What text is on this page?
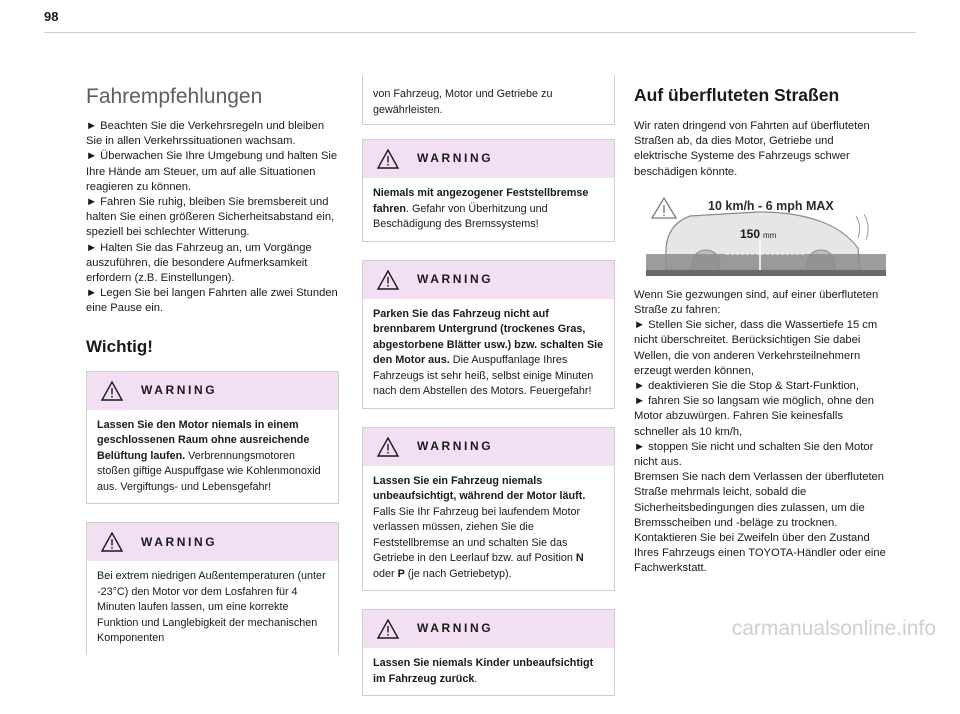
98
Fahrempfehlungen

► Beachten Sie die Verkehrsregeln und bleiben Sie in allen Verkehrssituationen wachsam.

► Überwachen Sie Ihre Umgebung und halten Sie Ihre Hände am Steuer, um auf alle Situationen reagieren zu können.

► Fahren Sie ruhig, bleiben Sie bremsbereit und halten Sie einen größeren Sicherheitsabstand ein, speziell bei schlechter Witterung.

► Halten Sie das Fahrzeug an, um Vorgänge auszuführen, die besondere Aufmerksamkeit erfordern (z.B. Einstellungen).

► Legen Sie bei langen Fahrten alle zwei Stunden eine Pause ein.

Wichtig!
WARNING
Lassen Sie den Motor niemals in einem geschlossenen Raum ohne ausreichende Belüftung laufen. Verbrennungsmotoren stoßen giftige Auspuffgase wie Kohlenmonoxid aus. Vergiftungs- und Lebensgefahr!
WARNING
Bei extrem niedrigen Außentemperaturen (unter -23°C) den Motor vor dem Losfahren für 4 Minuten laufen lassen, um eine korrekte Funktion und Langlebigkeit der mechanischen Komponenten
von Fahrzeug, Motor und Getriebe zu gewährleisten.
WARNING
Niemals mit angezogener Feststellbremse fahren. Gefahr von Überhitzung und Beschädigung des Bremssystems!
WARNING
Parken Sie das Fahrzeug nicht auf brennbarem Untergrund (trockenes Gras, abgestorbene Blätter usw.) bzw. schalten Sie den Motor aus. Die Auspuffanlage Ihres Fahrzeugs ist sehr heiß, selbst einige Minuten nach dem Abstellen des Motors. Feuergefahr!
WARNING
Lassen Sie ein Fahrzeug niemals unbeaufsichtigt, während der Motor läuft. Falls Sie Ihr Fahrzeug bei laufendem Motor verlassen müssen, ziehen Sie die Feststellbremse an und schalten Sie das Getriebe in den Leerlauf bzw. auf Position N oder P (je nach Getriebetyp).
WARNING
Lassen Sie niemals Kinder unbeaufsichtigt im Fahrzeug zurück.
Auf überfluteten Straßen

Wir raten dringend von Fahrten auf überfluteten Straßen ab, da dies Motor, Getriebe und elektrische Systeme des Fahrzeugs schwer beschädigen könnte.

10 km/h - 6 mph MAX
150 mm

Wenn Sie gezwungen sind, auf einer überfluteten Straße zu fahren:

► Stellen Sie sicher, dass die Wassertiefe 15 cm nicht überschreitet. Berücksichtigen Sie dabei Wellen, die von anderen Verkehrsteilnehmern erzeugt werden können,

► deaktivieren Sie die Stop & Start-Funktion,

► fahren Sie so langsam wie möglich, ohne den Motor abzuwürgen. Fahren Sie keinesfalls schneller als 10 km/h,

► stoppen Sie nicht und schalten Sie den Motor nicht aus.

Bremsen Sie nach dem Verlassen der überfluteten Straße mehrmals leicht, sobald die Sicherheitsbedingungen dies zulassen, um die Bremsscheiben und -beläge zu trocknen.

Kontaktieren Sie bei Zweifeln über den Zustand Ihres Fahrzeugs einen TOYOTA-Händler oder eine Fachwerkstatt.

carmanualsonline.info
